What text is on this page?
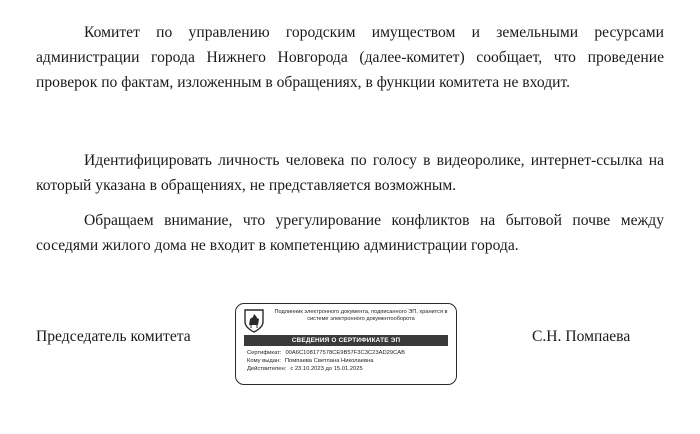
Комитет по управлению городским имуществом и земельными ресурсами администрации города Нижнего Новгорода (далее-комитет) сообщает, что проведение проверок по фактам, изложенным в обращениях, в функции комитета не входит.

Идентифицировать личность человека по голосу в видеоролике, интернет-ссылка на который указана в обращениях, не представляется возможным.

Обращаем внимание, что урегулирование конфликтов на бытовой почве между соседями жилого дома не входит в компетенцию администрации города.

Председатель комитета
Подлинник электронного документа, подписанного ЭП, хранится в системе электронного документооборота
СВЕДЕНИЯ О СЕРТИФИКАТЕ ЭП
Сертификат: 00A6C1081775​78CE9B57F3C3C23AD29CAB
Кому выдан: Помпаева Светлана Николаевна
Действителен: с 23.10.2023 до 15.01.2025
С.Н. Помпаева
